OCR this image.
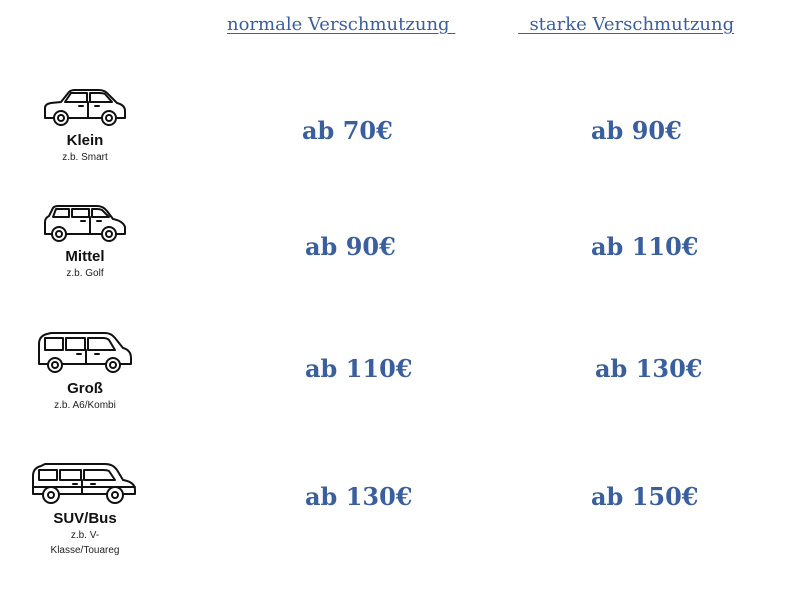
normale Verschmutzung	starke Verschmutzung
Klein
z.b. Smart
ab 70€	ab 90€
Mittel
z.b. Golf
ab 90€	ab 110€
Groß
z.b. A6/Kombi
ab 110€	ab 130€
SUV/Bus
z.b. V-
Klasse/Touareg
ab 130€	ab 150€
